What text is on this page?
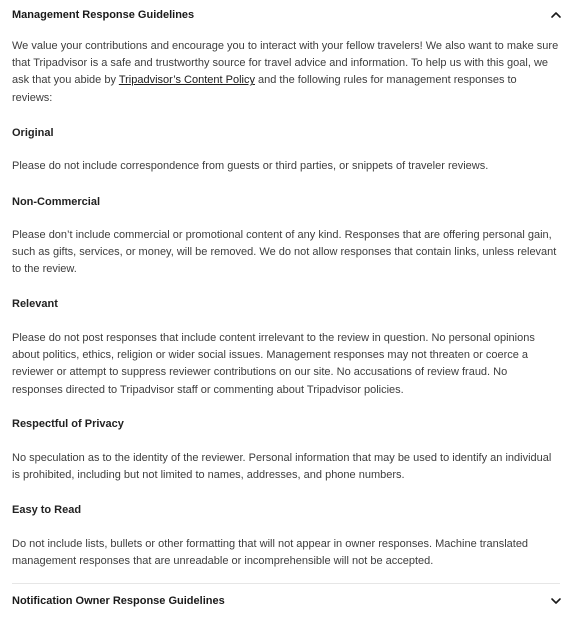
Management Response Guidelines

We value your contributions and encourage you to interact with your fellow travelers! We also want to make sure that Tripadvisor is a safe and trustworthy source for travel advice and information. To help us with this goal, we ask that you abide by Tripadvisor’s Content Policy and the following rules for management responses to reviews:

Original

Please do not include correspondence from guests or third parties, or snippets of traveler reviews.

Non-Commercial

Please don’t include commercial or promotional content of any kind. Responses that are offering personal gain, such as gifts, services, or money, will be removed. We do not allow responses that contain links, unless relevant to the review.

Relevant

Please do not post responses that include content irrelevant to the review in question. No personal opinions about politics, ethics, religion or wider social issues. Management responses may not threaten or coerce a reviewer or attempt to suppress reviewer contributions on our site. No accusations of review fraud. No responses directed to Tripadvisor staff or commenting about Tripadvisor policies.

Respectful of Privacy

No speculation as to the identity of the reviewer. Personal information that may be used to identify an individual is prohibited, including but not limited to names, addresses, and phone numbers.

Easy to Read

Do not include lists, bullets or other formatting that will not appear in owner responses. Machine translated management responses that are unreadable or incomprehensible will not be accepted.

Notification Owner Response Guidelines
